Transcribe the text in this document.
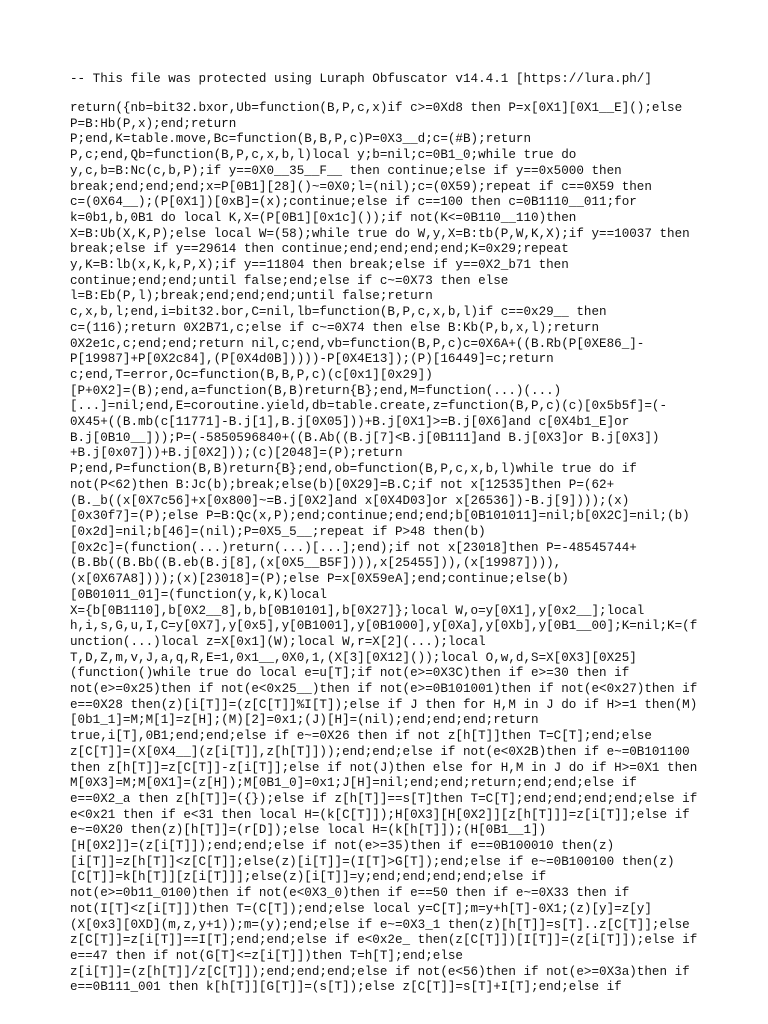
-- This file was protected using Luraph Obfuscator v14.4.1 [https://lura.ph/]
return({nb=bit32.bxor,Ub=function(B,P,c,x)if c>=0Xd8 then P=x[0X1][0X1__E]();else
P=B:Hb(P,x);end;return
P;end,K=table.move,Bc=function(B,B,P,c)P=0X3__d;c=(#B);return
P,c;end,Qb=function(B,P,c,x,b,l)local y;b=nil;c=0B1_0;while true do
y,c,b=B:Nc(c,b,P);if y==0X0__35__F__ then continue;else if y==0x5000 then
break;end;end;end;x=P[0B1][28]()~=0X0;l=(nil);c=(0X59);repeat if c==0X59 then
c=(0X64__);(P[0X1])[0xB]=(x);continue;else if c==100 then c=0B1110__011;for
k=0b1,b,0B1 do local K,X=(P[0B1][0x1c]());if not(K<=0B110__110)then
X=B:Ub(X,K,P);else local W=(58);while true do W,y,X=B:tb(P,W,K,X);if y==10037 then
break;else if y==29614 then continue;end;end;end;end;K=0x29;repeat
y,K=B:lb(x,K,k,P,X);if y==11804 then break;else if y==0X2_b71 then
continue;end;end;until false;end;else if c~=0X73 then else
l=B:Eb(P,l);break;end;end;end;until false;return
c,x,b,l;end,i=bit32.bor,C=nil,lb=function(B,P,c,x,b,l)if c==0x29__ then
c=(116);return 0X2B71,c;else if c~=0X74 then else B:Kb(P,b,x,l);return
0X2e1c,c;end;end;return nil,c;end,vb=function(B,P,c)c=0X6A+((B.Rb(P[0XE86_]-
P[19987]+P[0X2c84],(P[0X4d0B]))))-P[0X4E13]);(P)[16449]=c;return
c;end,T=error,Oc=function(B,B,P,c)(c[0x1][0x29])
[P+0X2]=(B);end,a=function(B,B)return{B};end,M=function(...)(...)
[...]=nil;end,E=coroutine.yield,db=table.create,z=function(B,P,c)(c)[0x5b5f]=(-
0X45+((B.mb(c[11771]-B.j[1],B.j[0X05]))+B.j[0X1]>=B.j[0X6]and c[0X4b1_E]or
B.j[0B10__]));P=(-5850596840+((B.Ab((B.j[7]<B.j[0B111]and B.j[0X3]or B.j[0X3])
+B.j[0x07]))+B.j[0X2]));(c)[2048]=(P);return
P;end,P=function(B,B)return{B};end,ob=function(B,P,c,x,b,l)while true do if
not(P<62)then B:Jc(b);break;else(b)[0X29]=B.C;if not x[12535]then P=(62+
(B._b((x[0X7c56]+x[0x800]~=B.j[0X2]and x[0X4D03]or x[26536])-B.j[9])));(x)
[0x30f7]=(P);else P=B:Qc(x,P);end;continue;end;end;b[0B101011]=nil;b[0X2C]=nil;(b)
[0x2d]=nil;b[46]=(nil);P=0X5_5__;repeat if P>48 then(b)
[0x2c]=(function(...)return(...)[...];end);if not x[23018]then P=-48545744+
(B.Bb((B.Bb((B.eb(B.j[8],(x[0X5__B5F]))),x[25455])),(x[19987]))),
(x[0X67A8])));(x)[23018]=(P);else P=x[0X59eA];end;continue;else(b)
[0B01011_01]=(function(y,k,K)local
X={b[0B1110],b[0X2__8],b,b[0B10101],b[0X27]};local W,o=y[0X1],y[0x2__];local
h,i,s,G,u,I,C=y[0X7],y[0x5],y[0B1001],y[0B1000],y[0Xa],y[0Xb],y[0B1__00];K=nil;K=(f
unction(...)local z=X[0x1](W);local W,r=X[2](...);local
T,D,Z,m,v,J,a,q,R,E=1,0x1__,0X0,1,(X[3][0X12]());local O,w,d,S=X[0X3][0X25]
(function()while true do local e=u[T];if not(e>=0X3C)then if e>=30 then if
not(e>=0x25)then if not(e<0x25__)then if not(e>=0B101001)then if not(e<0x27)then if
e==0X28 then(z)[i[T]]=(z[C[T]]%I[T]);else if J then for H,M in J do if H>=1 then(M)
[0b1_1]=M;M[1]=z[H];(M)[2]=0x1;(J)[H]=(nil);end;end;end;return
true,i[T],0B1;end;end;else if e~=0X26 then if not z[h[T]]then T=C[T];end;else
z[C[T]]=(X[0X4__](z[i[T]],z[h[T]]));end;end;else if not(e<0X2B)then if e~=0B101100
then z[h[T]]=z[C[T]]-z[i[T]];else if not(J)then else for H,M in J do if H>=0X1 then
M[0X3]=M;M[0X1]=(z[H]);M[0B1_0]=0x1;J[H]=nil;end;end;return;end;end;else if
e==0X2_a then z[h[T]]=({});else if z[h[T]]==s[T]then T=C[T];end;end;end;end;else if
e<0x21 then if e<31 then local H=(k[C[T]]);H[0X3][H[0X2]][z[h[T]]]=z[i[T]];else if
e~=0X20 then(z)[h[T]]=(r[D]);else local H=(k[h[T]]);(H[0B1__1])
[H[0X2]]=(z[i[T]]);end;end;else if not(e>=35)then if e==0B100010 then(z)
[i[T]]=z[h[T]]<z[C[T]];else(z)[i[T]]=(I[T]>G[T]);end;else if e~=0B100100 then(z)
[C[T]]=k[h[T]][z[i[T]]];else(z)[i[T]]=y;end;end;end;end;else if
not(e>=0b11_0100)then if not(e<0X3_0)then if e==50 then if e~=0X33 then if
not(I[T]<z[i[T]])then T=(C[T]);end;else local y=C[T];m=y+h[T]-0X1;(z)[y]=z[y]
(X[0x3][0XD](m,z,y+1));m=(y);end;else if e~=0X3_1 then(z)[h[T]]=s[T]..z[C[T]];else
z[C[T]]=z[i[T]]==I[T];end;end;else if e<0x2e_ then(z[C[T]])[I[T]]=(z[i[T]]);else if
e==47 then if not(G[T]<=z[i[T]])then T=h[T];end;else
z[i[T]]=(z[h[T]]/z[C[T]]);end;end;end;else if not(e<56)then if not(e>=0X3a)then if
e==0B111_001 then k[h[T]][G[T]]=(s[T]);else z[C[T]]=s[T]+I[T];end;else if
